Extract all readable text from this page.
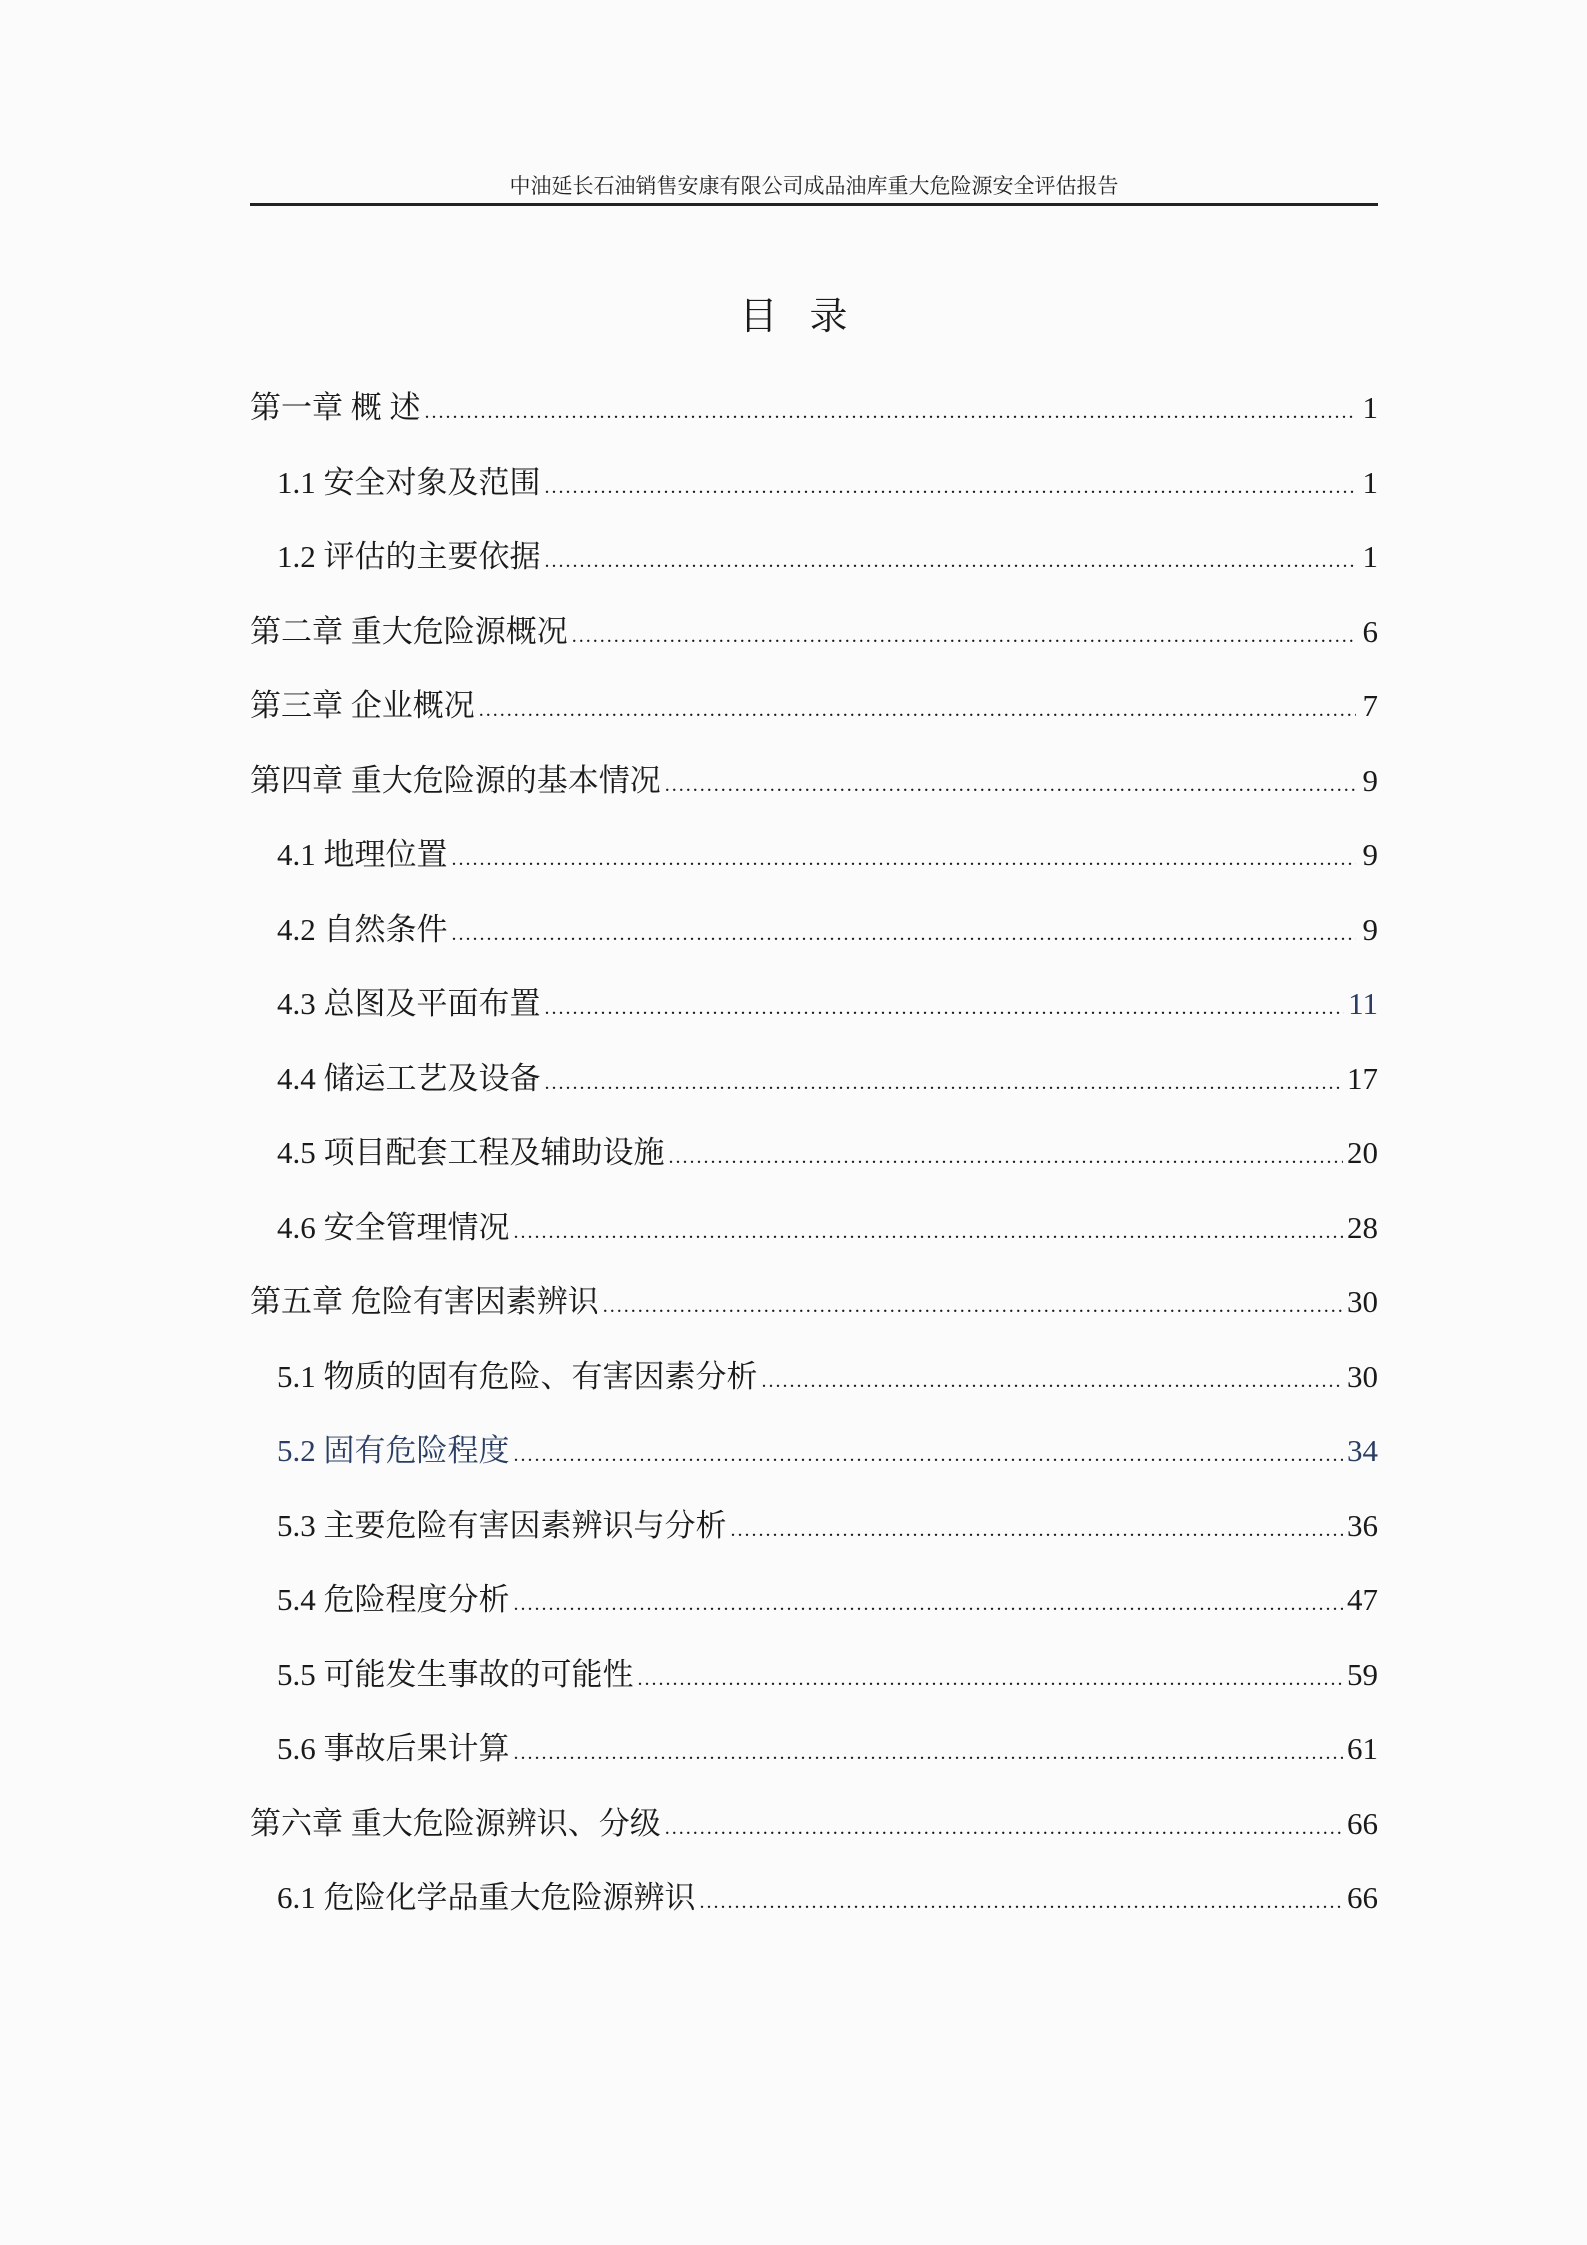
中油延长石油销售安康有限公司成品油库重大危险源安全评估报告
目录
第一章 概 述 .....	1
1.1 安全对象及范围 .....	1
1.2 评估的主要依据 .....	1
第二章 重大危险源概况 .....	6
第三章 企业概况 .....	7
第四章 重大危险源的基本情况 .....	9
4.1 地理位置 .....	9
4.2 自然条件 .....	9
4.3 总图及平面布置 .....	11
4.4 储运工艺及设备 .....	17
4.5 项目配套工程及辅助设施 .....	20
4.6 安全管理情况 .....	28
第五章 危险有害因素辨识 .....	30
5.1 物质的固有危险、有害因素分析 .....	30
5.2 固有危险程度 .....	34
5.3 主要危险有害因素辨识与分析 .....	36
5.4 危险程度分析 .....	47
5.5 可能发生事故的可能性 .....	59
5.6 事故后果计算 .....	61
第六章 重大危险源辨识、分级 .....	66
6.1 危险化学品重大危险源辨识 .....	66
